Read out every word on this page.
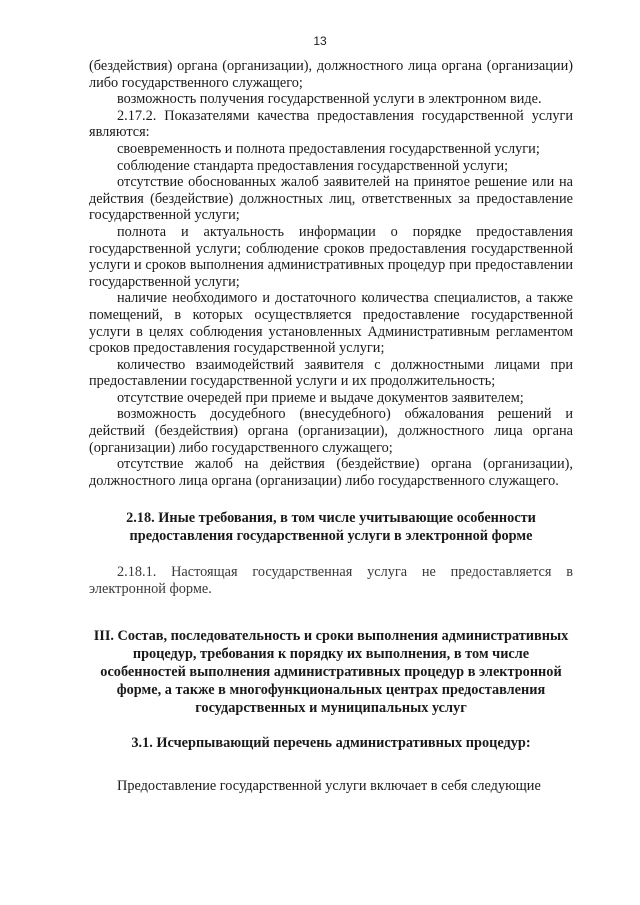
13

(бездействия) органа (организации), должностного лица органа (организации) либо государственного служащего;

возможность получения государственной услуги в электронном виде.

2.17.2. Показателями качества предоставления государственной услуги являются:

своевременность и полнота предоставления государственной услуги;

соблюдение стандарта предоставления государственной услуги;

отсутствие обоснованных жалоб заявителей на принятое решение или на действия (бездействие) должностных лиц, ответственных за предоставление государственной услуги;

полнота и актуальность информации о порядке предоставления государственной услуги; соблюдение сроков предоставления государственной услуги и сроков выполнения административных процедур при предоставлении государственной услуги;

наличие необходимого и достаточного количества специалистов, а также помещений, в которых осуществляется предоставление государственной услуги в целях соблюдения установленных Административным регламентом сроков предоставления государственной услуги;

количество взаимодействий заявителя с должностными лицами при предоставлении государственной услуги и их продолжительность;

отсутствие очередей при приеме и выдаче документов заявителем;

возможность досудебного (внесудебного) обжалования решений и действий (бездействия) органа (организации), должностного лица органа (организации) либо государственного служащего;

отсутствие жалоб на действия (бездействие) органа (организации), должностного лица органа (организации) либо государственного служащего.

2.18. Иные требования, в том числе учитывающие особенности предоставления государственной услуги в электронной форме

2.18.1. Настоящая государственная услуга не предоставляется в электронной форме.

III. Состав, последовательность и сроки выполнения административных процедур, требования к порядку их выполнения, в том числе особенностей выполнения административных процедур в электронной форме, а также в многофункциональных центрах предоставления государственных и муниципальных услуг

3.1. Исчерпывающий перечень административных процедур:

Предоставление государственной услуги включает в себя следующие
